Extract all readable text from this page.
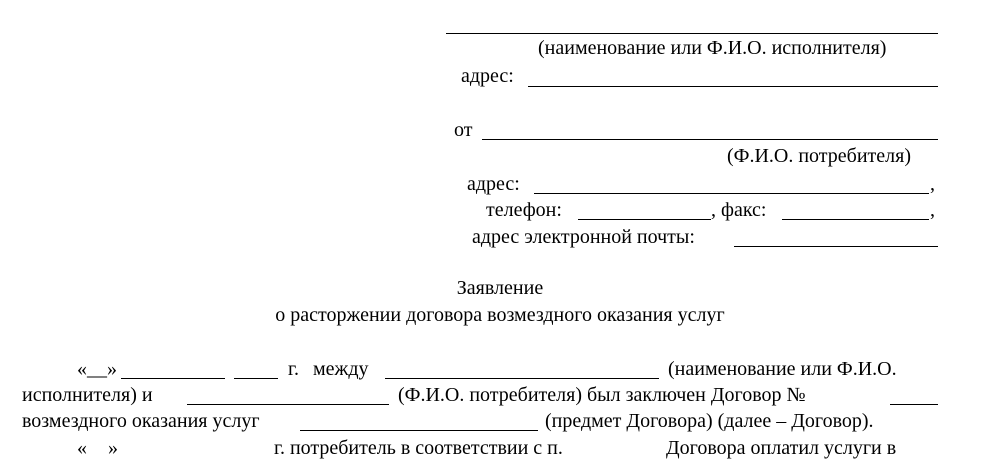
(наименование или Ф.И.О. исполнителя)
адрес:
от
(Ф.И.О. потребителя)
адрес:	,
телефон:	, факс:	,
адрес электронной почты:
Заявление
о расторжении договора возмездного оказания услуг
«__»	г. между	(наименование или Ф.И.О.
исполнителя) и	(Ф.И.О. потребителя) был заключен Договор №
возмездного оказания услуг	(предмет Договора) (далее – Договор).
« »	г. потребитель в соответствии с п.	Договора оплатил услуги в
